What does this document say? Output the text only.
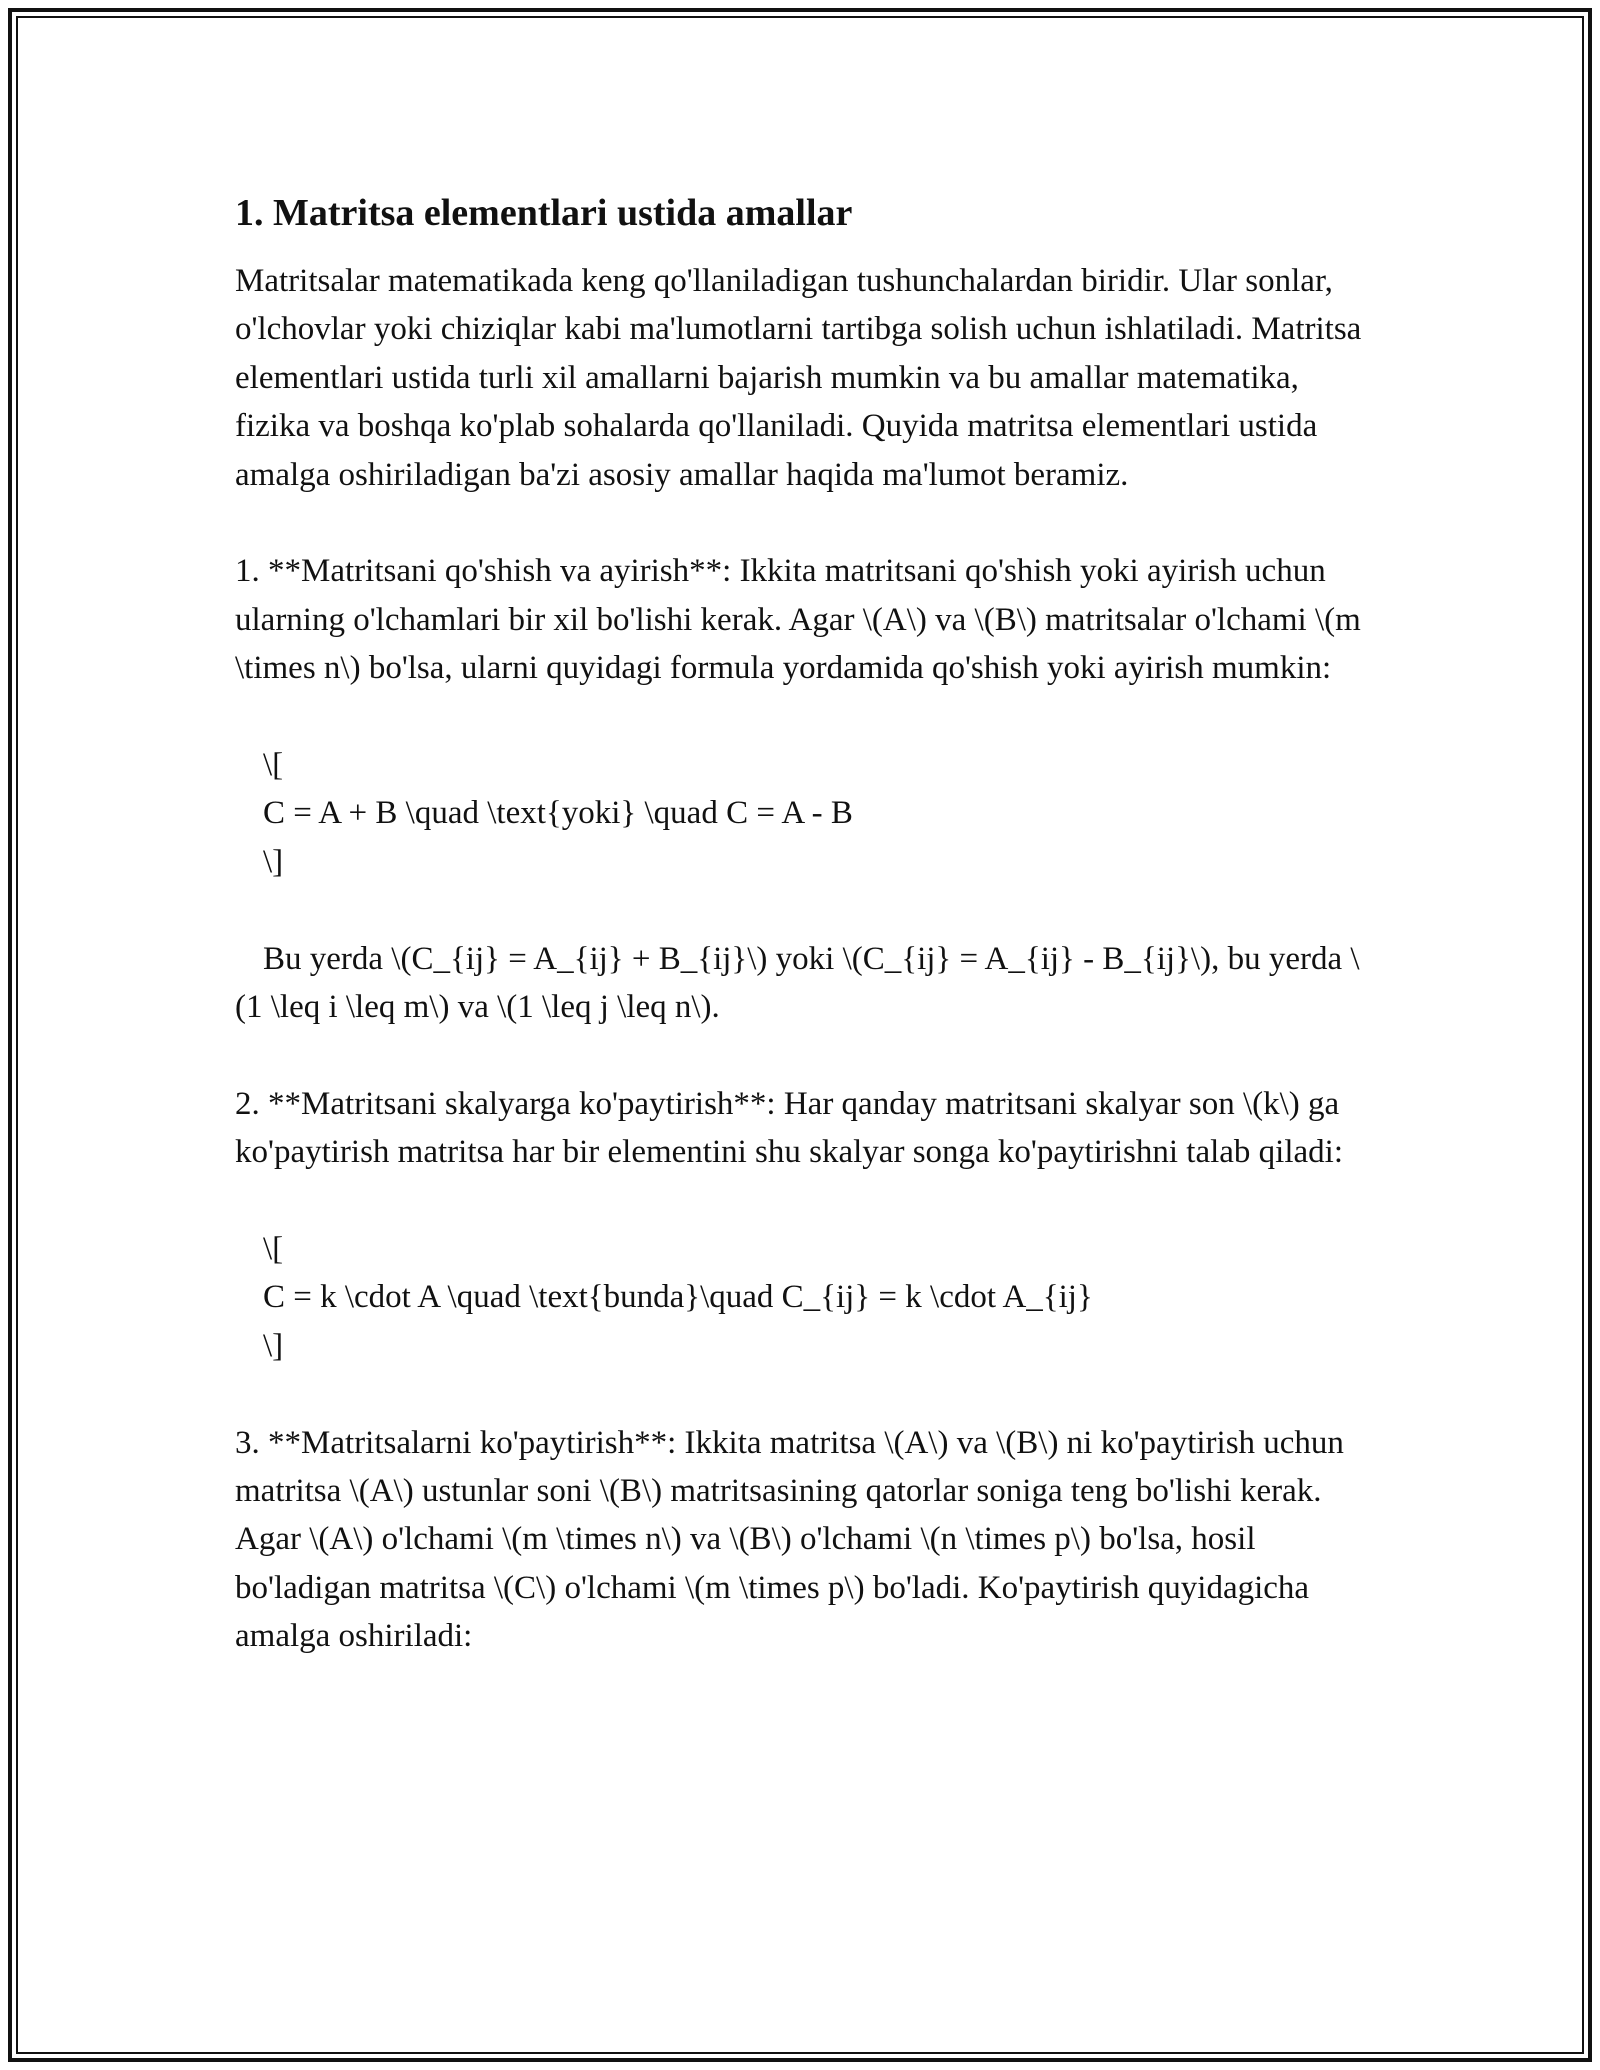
1. Matritsa elementlari ustida amallar

Matritsalar matematikada keng qo'llaniladigan tushunchalardan biridir. Ular sonlar, o'lchovlar yoki chiziqlar kabi ma'lumotlarni tartibga solish uchun ishlatiladi. Matritsa elementlari ustida turli xil amallarni bajarish mumkin va bu amallar matematika, fizika va boshqa ko'plab sohalarda qo'llaniladi. Quyida matritsa elementlari ustida amalga oshiriladigan ba'zi asosiy amallar haqida ma'lumot beramiz.

1. **Matritsani qo'shish va ayirish**: Ikkita matritsani qo'shish yoki ayirish uchun ularning o'lchamlari bir xil bo'lishi kerak. Agar \(A\) va \(B\) matritsalar o'lchami \(m \times n\) bo'lsa, ularni quyidagi formula yordamida qo'shish yoki ayirish mumkin:

\[

C = A + B \quad \text{yoki} \quad C = A - B

\]

Bu yerda \(C_{ij} = A_{ij} + B_{ij}\) yoki \(C_{ij} = A_{ij} - B_{ij}\), bu yerda \(1 \leq i \leq m\) va \(1 \leq j \leq n\).

2. **Matritsani skalyarga ko'paytirish**: Har qanday matritsani skalyar son \(k\) ga ko'paytirish matritsa har bir elementini shu skalyar songa ko'paytirishni talab qiladi:

\[

C = k \cdot A \quad \text{bunda}\quad C_{ij} = k \cdot A_{ij}

\]

3. **Matritsalarni ko'paytirish**: Ikkita matritsa \(A\) va \(B\) ni ko'paytirish uchun matritsa \(A\) ustunlar soni \(B\) matritsasining qatorlar soniga teng bo'lishi kerak. Agar \(A\) o'lchami \(m \times n\) va \(B\) o'lchami \(n \times p\) bo'lsa, hosil bo'ladigan matritsa \(C\) o'lchami \(m \times p\) bo'ladi. Ko'paytirish quyidagicha amalga oshiriladi:
